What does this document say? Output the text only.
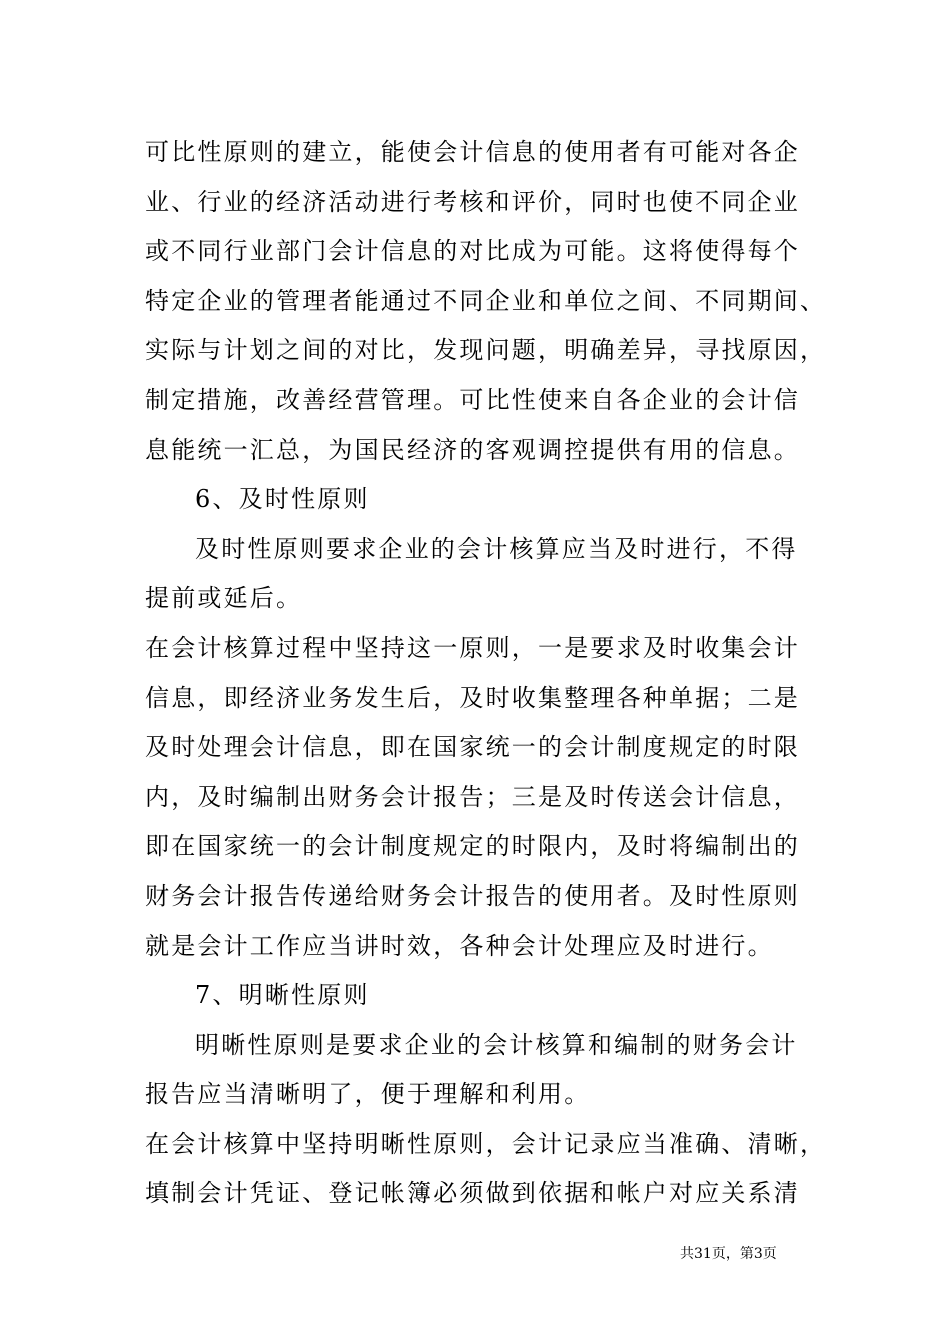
可比性原则的建立，能使会计信息的使用者有可能对各企
业、行业的经济活动进行考核和评价，同时也使不同企业
或不同行业部门会计信息的对比成为可能。这将使得每个
特定企业的管理者能通过不同企业和单位之间、不同期间、
实际与计划之间的对比，发现问题，明确差异，寻找原因，
制定措施，改善经营管理。可比性使来自各企业的会计信
息能统一汇总，为国民经济的客观调控提供有用的信息。
6、及时性原则
及时性原则要求企业的会计核算应当及时进行，不得
提前或延后。
在会计核算过程中坚持这一原则，一是要求及时收集会计
信息，即经济业务发生后，及时收集整理各种单据；二是
及时处理会计信息，即在国家统一的会计制度规定的时限
内，及时编制出财务会计报告；三是及时传送会计信息，
即在国家统一的会计制度规定的时限内，及时将编制出的
财务会计报告传递给财务会计报告的使用者。及时性原则
就是会计工作应当讲时效，各种会计处理应及时进行。
7、明晰性原则
明晰性原则是要求企业的会计核算和编制的财务会计
报告应当清晰明了，便于理解和利用。
在会计核算中坚持明晰性原则，会计记录应当准确、清晰，
填制会计凭证、登记帐簿必须做到依据和帐户对应关系清
共31页，第3页
